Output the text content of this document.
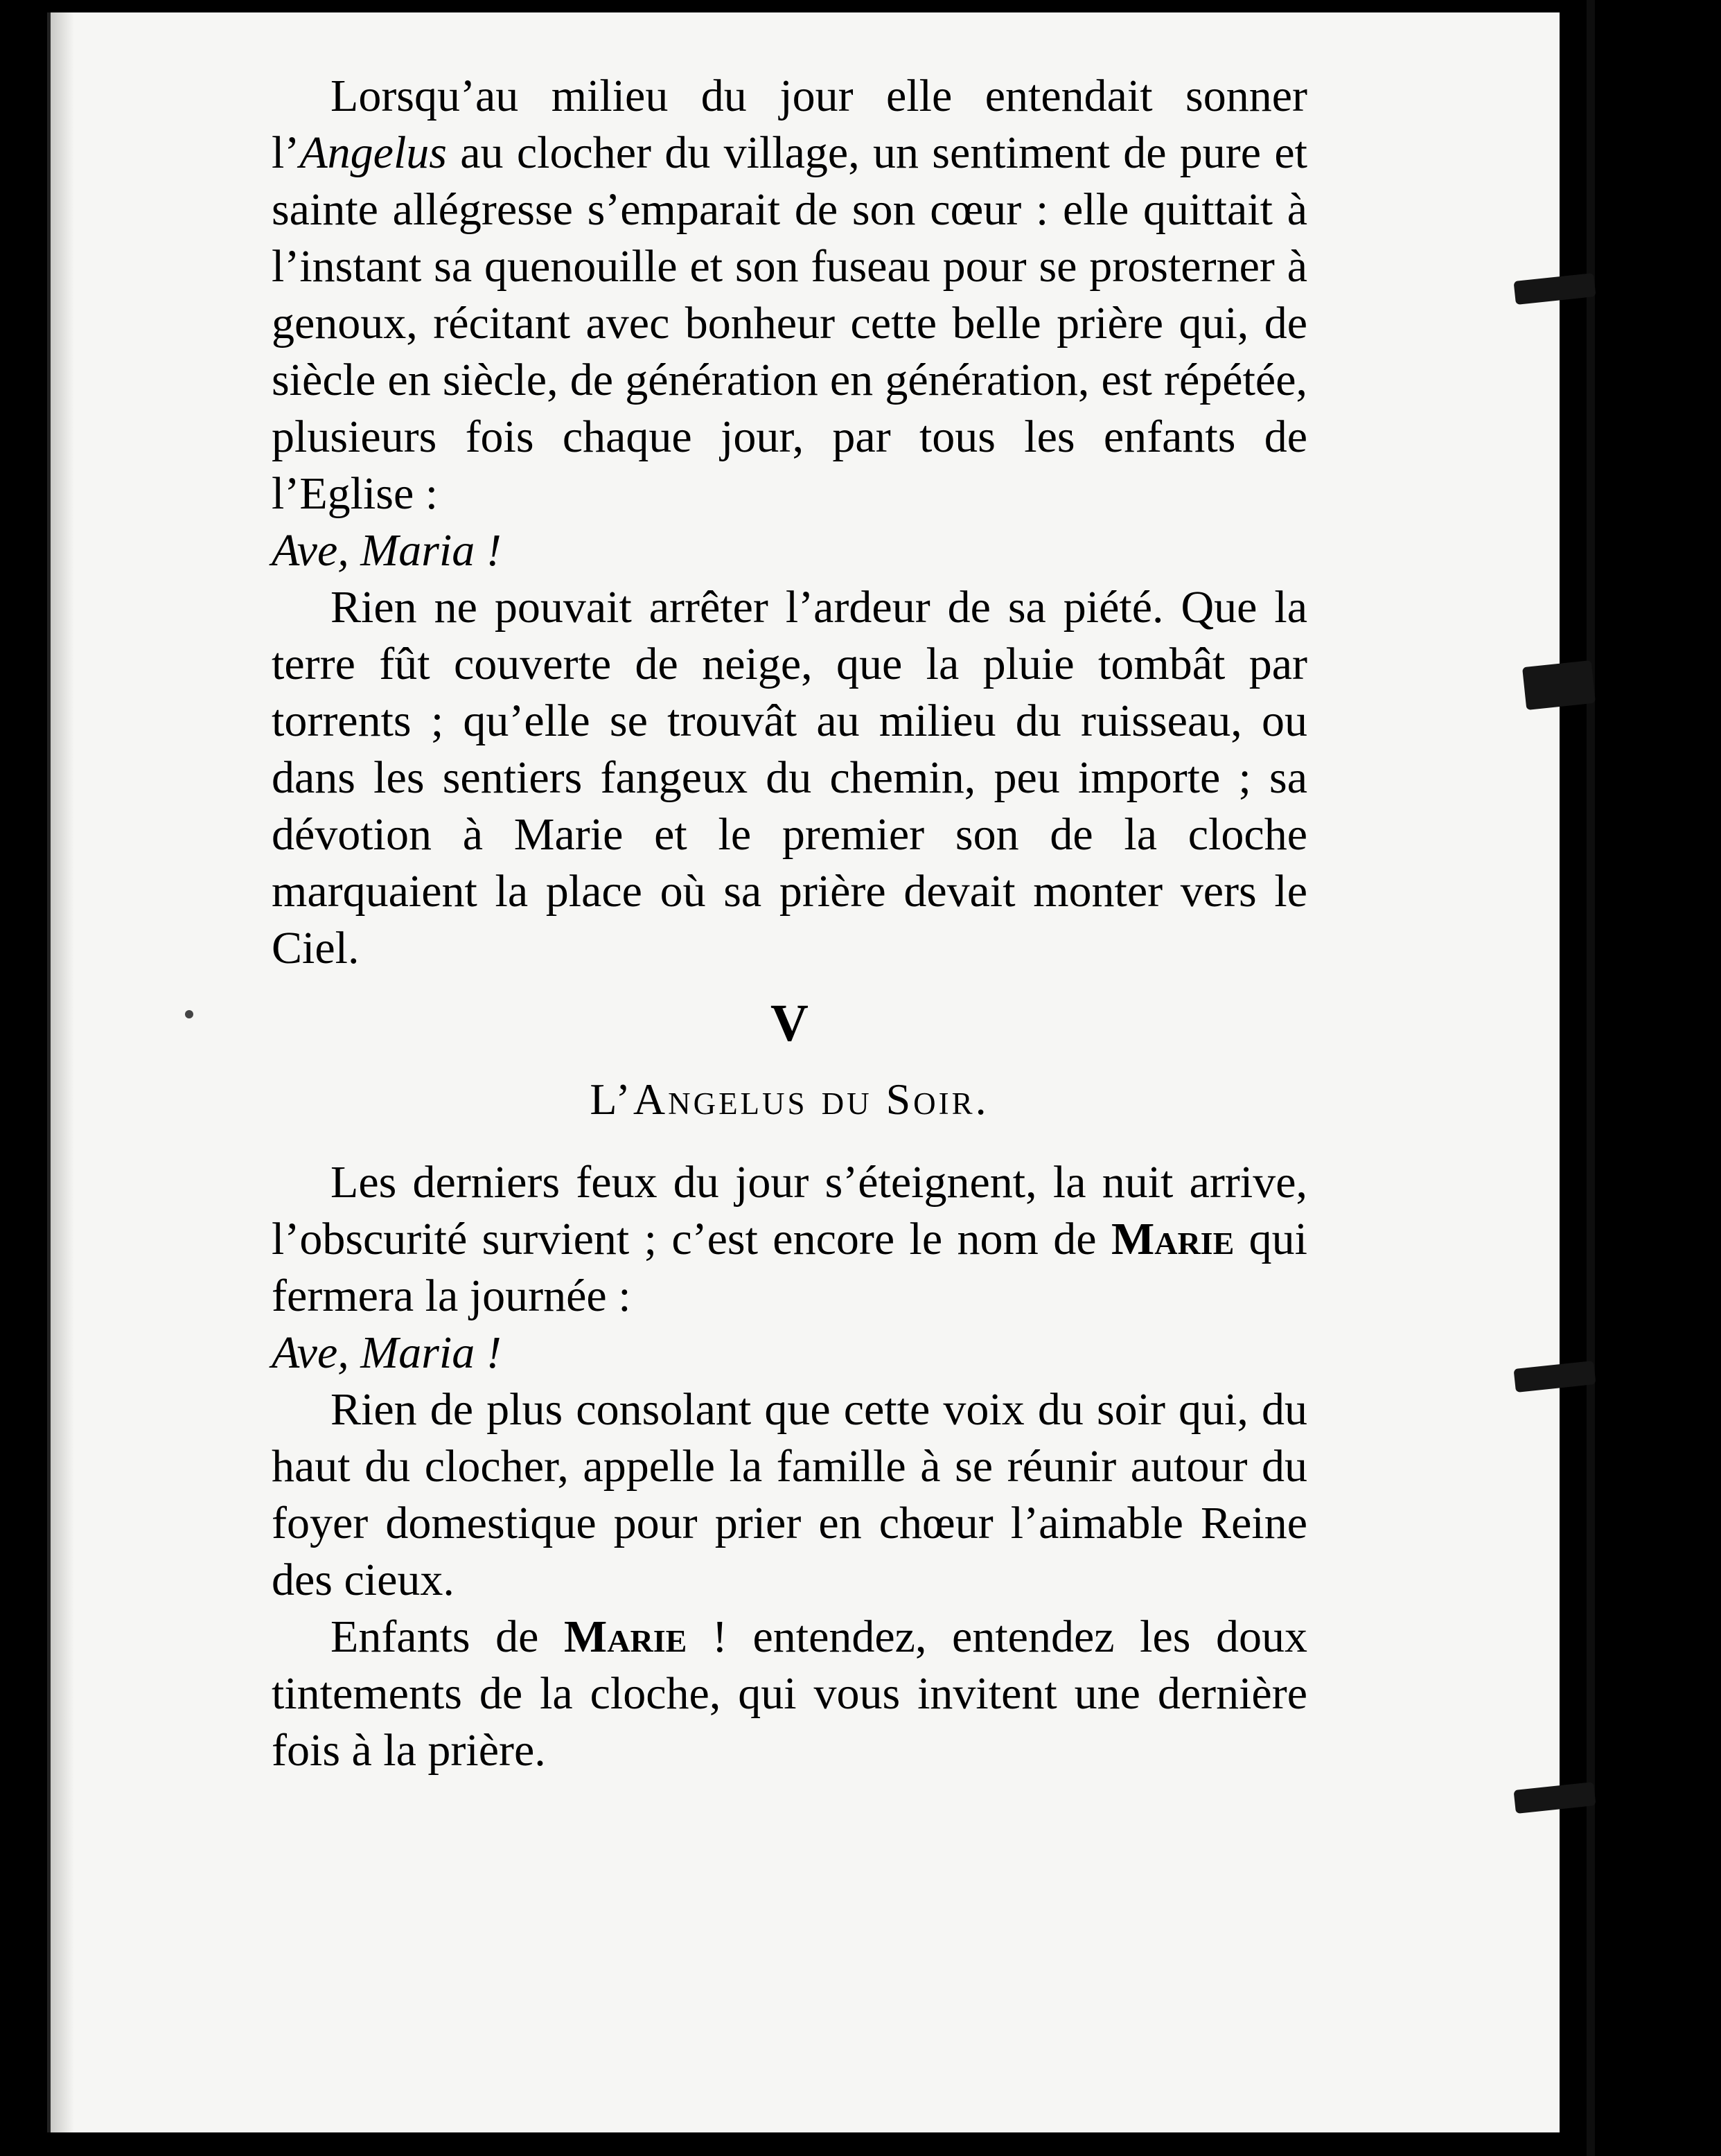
Lorsqu’au milieu du jour elle entendait sonner l’Angelus au clocher du village, un sentiment de pure et sainte allégresse s’emparait de son cœur : elle quittait à l’instant sa quenouille et son fuseau pour se prosterner à genoux, récitant avec bonheur cette belle prière qui, de siècle en siècle, de génération en génération, est répétée, plusieurs fois chaque jour, par tous les enfants de l’Eglise :

Ave, Maria !

Rien ne pouvait arrêter l’ardeur de sa piété. Que la terre fût couverte de neige, que la pluie tombât par torrents ; qu’elle se trouvât au milieu du ruisseau, ou dans les sentiers fangeux du chemin, peu importe ; sa dévotion à Marie et le premier son de la cloche marquaient la place où sa prière devait monter vers le Ciel.

V
L’Angelus du Soir.

Les derniers feux du jour s’éteignent, la nuit arrive, l’obscurité survient ; c’est encore le nom de Marie qui fermera la journée :

Ave, Maria !

Rien de plus consolant que cette voix du soir qui, du haut du clocher, appelle la famille à se réunir autour du foyer domestique pour prier en chœur l’aimable Reine des cieux.

Enfants de Marie ! entendez, entendez les doux tintements de la cloche, qui vous invitent une dernière fois à la prière.
